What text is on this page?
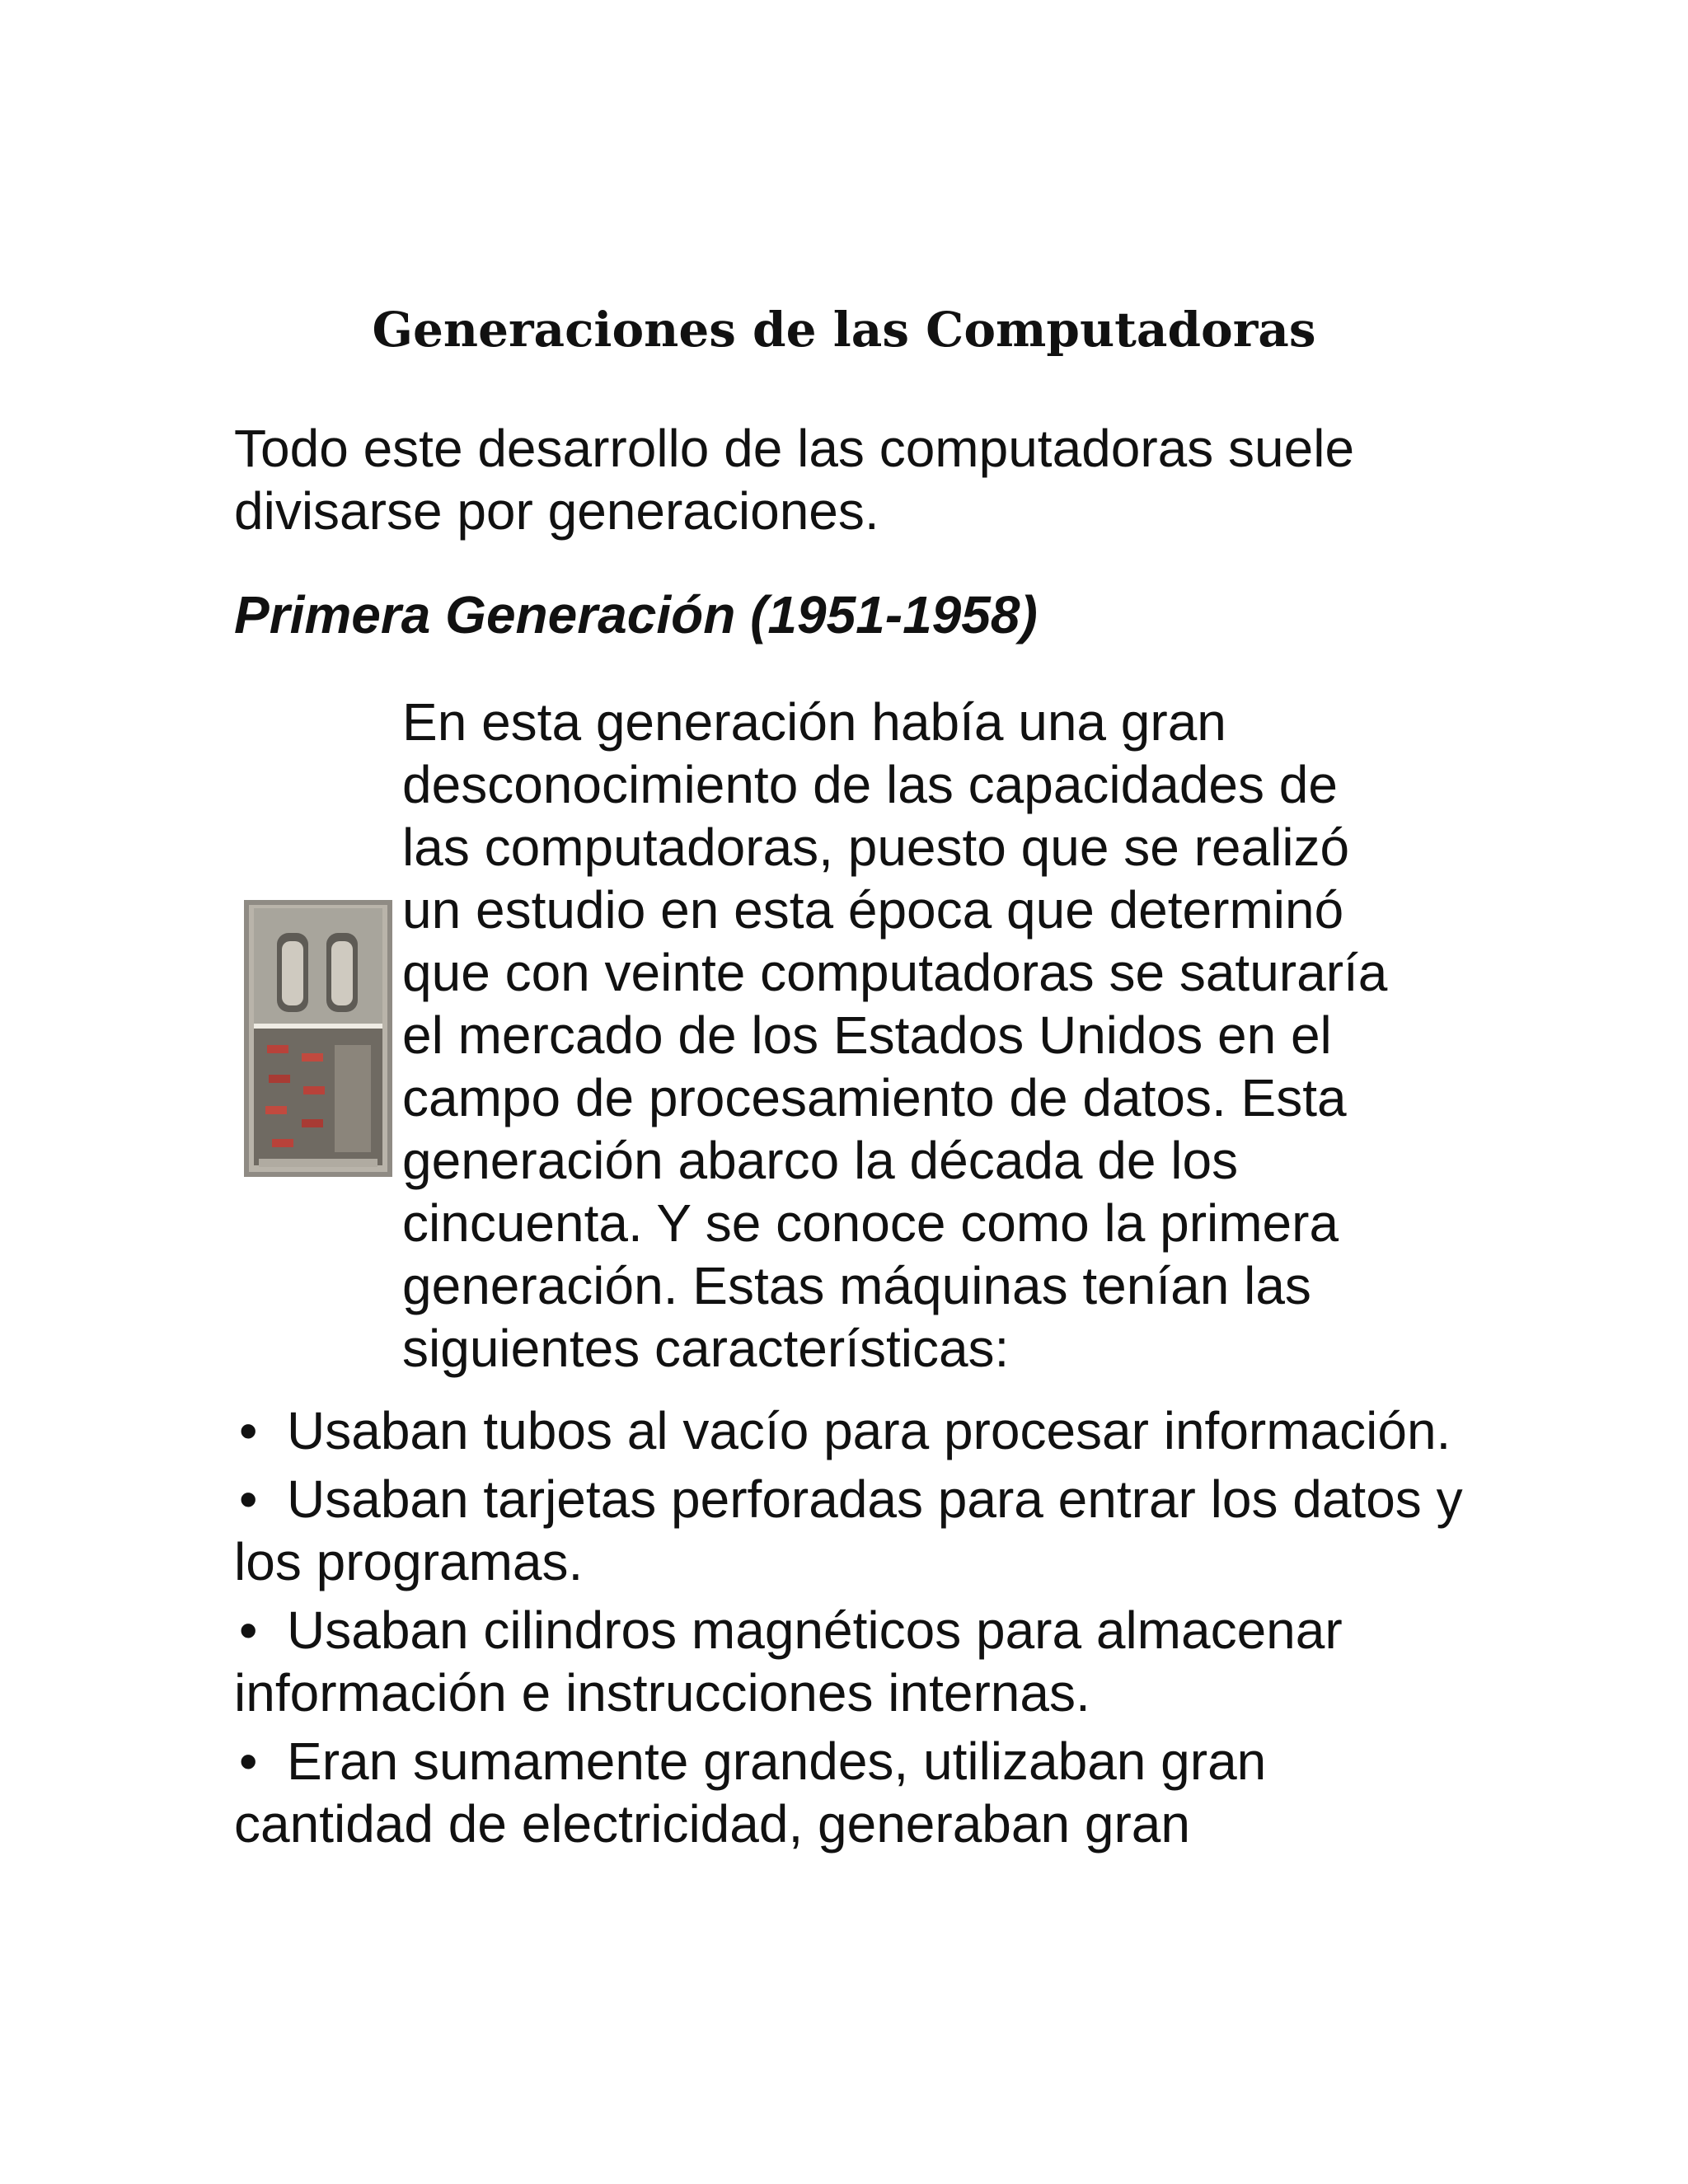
Generaciones de las Computadoras

Todo este desarrollo de las computadoras suele divisarse por generaciones.

Primera Generación (1951-1958)

En esta generación había una gran
desconocimiento de las capacidades de
las computadoras, puesto que se realizó
un estudio en esta época que determinó
que con veinte computadoras se saturaría
el mercado de los Estados Unidos en el
campo de procesamiento de datos. Esta
generación abarco la década de los
cincuenta. Y se conoce como la primera
generación. Estas máquinas tenían las
siguientes características:

• Usaban tubos al vacío para procesar información.
• Usaban tarjetas perforadas para entrar los datos y los programas.
• Usaban cilindros magnéticos para almacenar información e instrucciones internas.
• Eran sumamente grandes, utilizaban gran cantidad de electricidad, generaban gran
